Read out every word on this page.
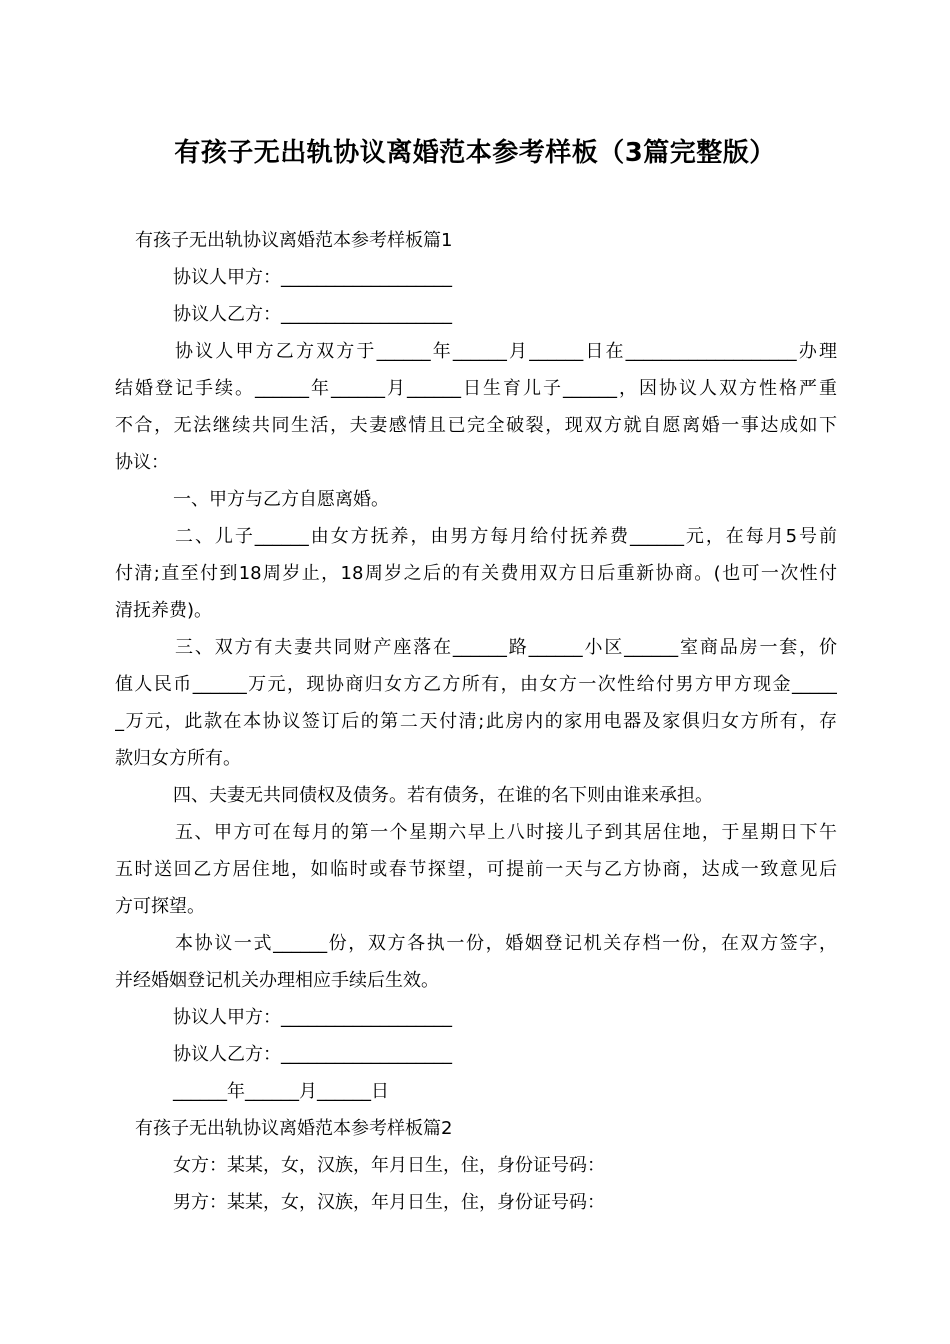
有孩子无出轨协议离婚范本参考样板（3篇完整版）
有孩子无出轨协议离婚范本参考样板篇1
协议人甲方：___________________
协议人乙方：___________________
协议人甲方乙方双方于______年______月______日在___________________办理
结婚登记手续。______年______月______日生育儿子______，因协议人双方性格严重
不合，无法继续共同生活，夫妻感情且已完全破裂，现双方就自愿离婚一事达成如下
协议：
一、甲方与乙方自愿离婚。
二、儿子______由女方抚养，由男方每月给付抚养费______元，在每月5号前
付清;直至付到18周岁止，18周岁之后的有关费用双方日后重新协商。(也可一次性付
清抚养费)。
三、双方有夫妻共同财产座落在______路______小区______室商品房一套，价
值人民币______万元，现协商归女方乙方所有，由女方一次性给付男方甲方现金_____
_万元，此款在本协议签订后的第二天付清;此房内的家用电器及家俱归女方所有，存
款归女方所有。
四、夫妻无共同债权及债务。若有债务，在谁的名下则由谁来承担。
五、甲方可在每月的第一个星期六早上八时接儿子到其居住地，于星期日下午
五时送回乙方居住地，如临时或春节探望，可提前一天与乙方协商，达成一致意见后
方可探望。
本协议一式______份，双方各执一份，婚姻登记机关存档一份，在双方签字，
并经婚姻登记机关办理相应手续后生效。
协议人甲方：___________________
协议人乙方：___________________
______年______月______日
有孩子无出轨协议离婚范本参考样板篇2
女方：某某，女，汉族，年月日生，住，身份证号码：
男方：某某，女，汉族，年月日生，住，身份证号码：
